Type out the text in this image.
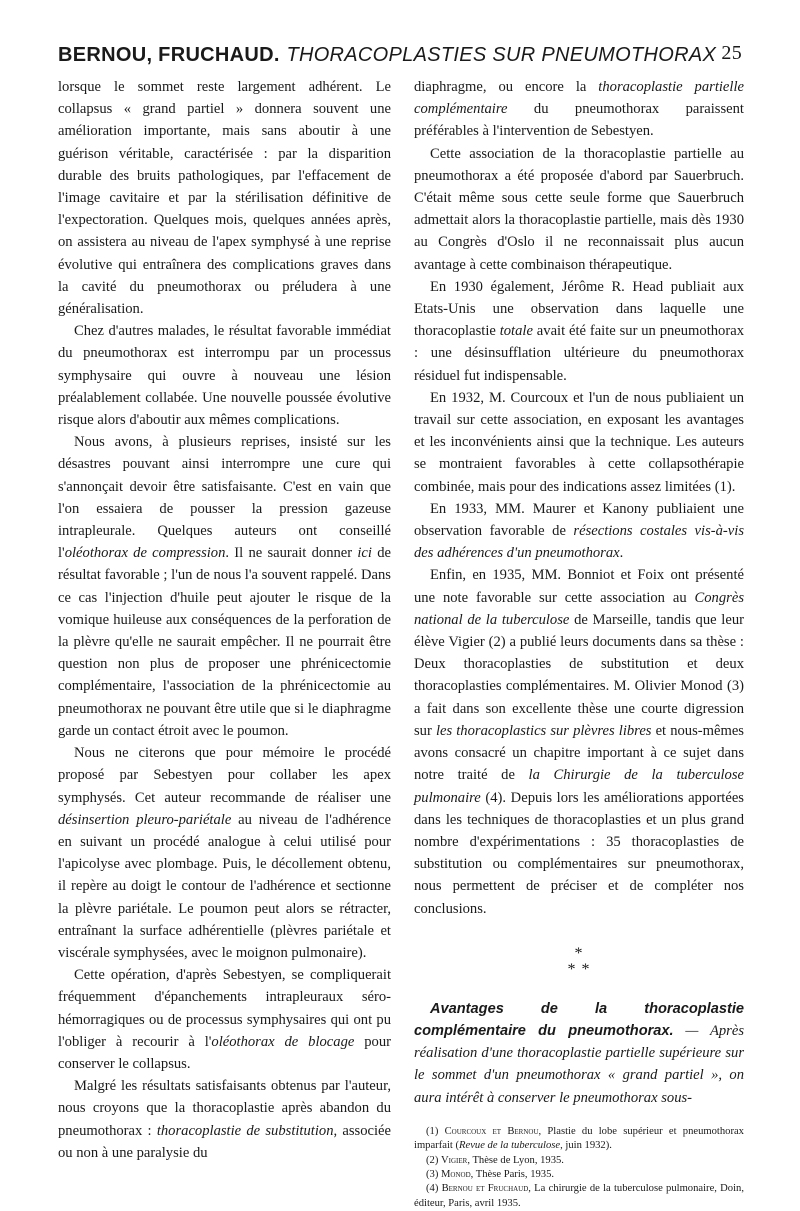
BERNOU, FRUCHAUD. THORACOPLASTIES SUR PNEUMOTHORAX 25

lorsque le sommet reste largement adhérent. Le collapsus « grand partiel » donnera souvent une amélioration importante, mais sans aboutir à une guérison véritable, caractérisée : par la disparition durable des bruits pathologiques, par l'effacement de l'image cavitaire et par la stérilisation définitive de l'expectoration. Quelques mois, quelques années après, on assistera au niveau de l'apex symphysé à une reprise évolutive qui entraînera des complications graves dans la cavité du pneumothorax ou préludera à une généralisation.

Chez d'autres malades, le résultat favorable immédiat du pneumothorax est interrompu par un processus symphysaire qui ouvre à nouveau une lésion préalablement collabée. Une nouvelle poussée évolutive risque alors d'aboutir aux mêmes complications.

Nous avons, à plusieurs reprises, insisté sur les désastres pouvant ainsi interrompre une cure qui s'annonçait devoir être satisfaisante. C'est en vain que l'on essaiera de pousser la pression gazeuse intrapleurale. Quelques auteurs ont conseillé l'oléothorax de compression. Il ne saurait donner ici de résultat favorable ; l'un de nous l'a souvent rappelé. Dans ce cas l'injection d'huile peut ajouter le risque de la vomique huileuse aux conséquences de la perforation de la plèvre qu'elle ne saurait empêcher. Il ne pourrait être question non plus de proposer une phrénicectomie complémentaire, l'association de la phrénicectomie au pneumothorax ne pouvant être utile que si le diaphragme garde un contact étroit avec le poumon.

Nous ne citerons que pour mémoire le procédé proposé par Sebestyen pour collaber les apex symphysés. Cet auteur recommande de réaliser une désinsertion pleuro-pariétale au niveau de l'adhérence en suivant un procédé analogue à celui utilisé pour l'apicolyse avec plombage. Puis, le décollement obtenu, il repère au doigt le contour de l'adhérence et sectionne la plèvre pariétale. Le poumon peut alors se rétracter, entraînant la surface adhérentielle (plèvres pariétale et viscérale symphysées, avec le moignon pulmonaire).

Cette opération, d'après Sebestyen, se compliquerait fréquemment d'épanchements intrapleuraux séro-hémorragiques ou de processus symphysaires qui ont pu l'obliger à recourir à l'oléothorax de blocage pour conserver le collapsus.

Malgré les résultats satisfaisants obtenus par l'auteur, nous croyons que la thoracoplastie après abandon du pneumothorax : thoracoplastie de substitution, associée ou non à une paralysie du

diaphragme, ou encore la thoracoplastie partielle complémentaire du pneumothorax paraissent préférables à l'intervention de Sebestyen.

Cette association de la thoracoplastie partielle au pneumothorax a été proposée d'abord par Sauerbruch. C'était même sous cette seule forme que Sauerbruch admettait alors la thoracoplastie partielle, mais dès 1930 au Congrès d'Oslo il ne reconnaissait plus aucun avantage à cette combinaison thérapeutique.

En 1930 également, Jérôme R. Head publiait aux Etats-Unis une observation dans laquelle une thoracoplastie totale avait été faite sur un pneumothorax : une désinsufflation ultérieure du pneumothorax résiduel fut indispensable.

En 1932, M. Courcoux et l'un de nous publiaient un travail sur cette association, en exposant les avantages et les inconvénients ainsi que la technique. Les auteurs se montraient favorables à cette collapsothérapie combinée, mais pour des indications assez limitées (1).

En 1933, MM. Maurer et Kanony publiaient une observation favorable de résections costales vis-à-vis des adhérences d'un pneumothorax.

Enfin, en 1935, MM. Bonniot et Foix ont présenté une note favorable sur cette association au Congrès national de la tuberculose de Marseille, tandis que leur élève Vigier (2) a publié leurs documents dans sa thèse : Deux thoracoplasties de substitution et deux thoracoplasties complémentaires. M. Olivier Monod (3) a fait dans son excellente thèse une courte digression sur les thoracoplastics sur plèvres libres et nous-mêmes avons consacré un chapitre important à ce sujet dans notre traité de la Chirurgie de la tuberculose pulmonaire (4). Depuis lors les améliorations apportées dans les techniques de thoracoplasties et un plus grand nombre d'expérimentations : 35 thoracoplasties de substitution ou complémentaires sur pneumothorax, nous permettent de préciser et de compléter nos conclusions.

*
* *

Avantages de la thoracoplastie complémentaire du pneumothorax. — Après réalisation d'une thoracoplastie partielle supérieure sur le sommet d'un pneumothorax « grand partiel », on aura intérêt à conserver le pneumothorax sous-

(1) Courcoux et Bernou, Plastie du lobe supérieur et pneumothorax imparfait (Revue de la tuberculose, juin 1932).

(2) Vigier, Thèse de Lyon, 1935.

(3) Monod, Thèse Paris, 1935.

(4) Bernou et Fruchaud, La chirurgie de la tuberculose pulmonaire, Doin, éditeur, Paris, avril 1935.
